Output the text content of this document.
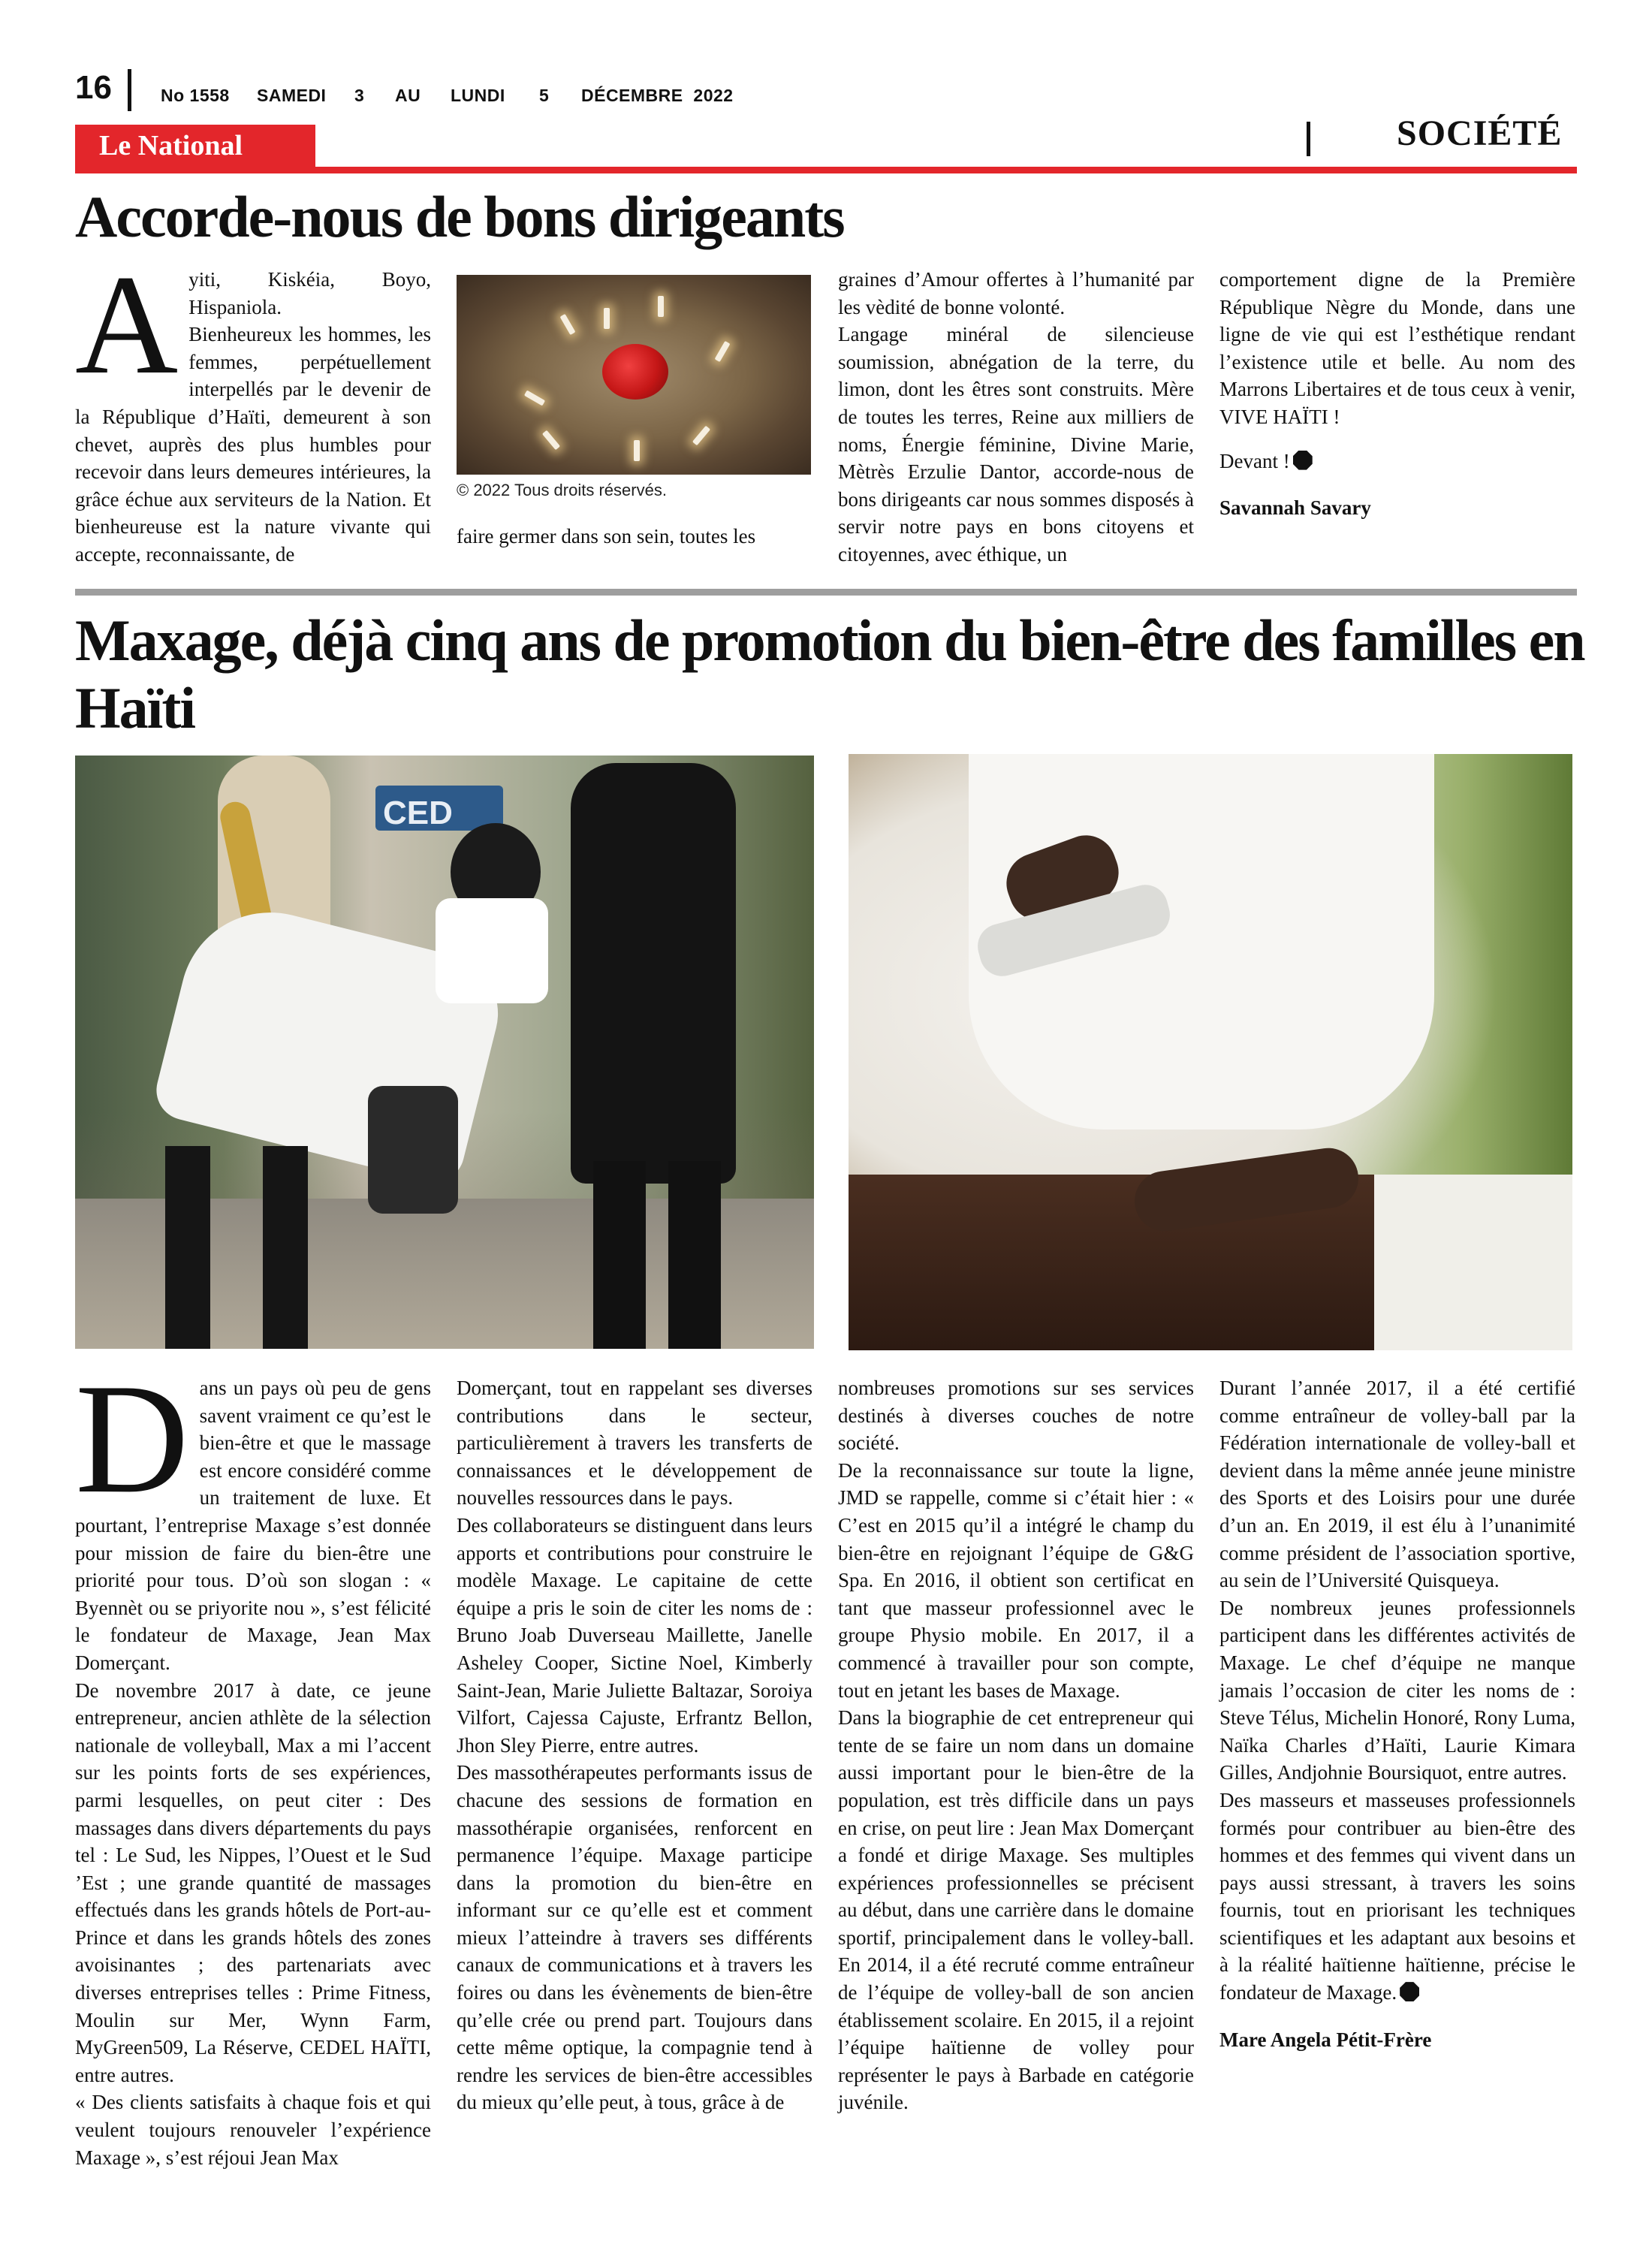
16	No 1558 SAMEDI 3 AU LUNDI 5 DÉCEMBRE  2022
Le National	SOCIÉTÉ
Accorde-nous de bons dirigeants

Ayiti, Kiskéia, Boyo, Hispaniola.

Bienheureux les hommes, les femmes, perpétuellement interpellés par le devenir de la République d’Haïti, demeurent à son chevet, auprès des plus humbles pour recevoir dans leurs demeures intérieures, la grâce échue aux serviteurs de la Nation. Et bienheureuse est la nature vivante qui accepte, reconnaissante, de

© 2022 Tous droits réservés.

faire germer dans son sein, toutes les

graines d’Amour offertes à l’humanité par les vèdité de bonne volonté.

Langage minéral de silencieuse soumission, abnégation de la terre, du limon, dont les êtres sont construits. Mère de toutes les terres, Reine aux milliers de noms, Énergie féminine, Divine Marie, Mètrès Erzulie Dantor, accorde-nous de bons dirigeants car nous sommes disposés à servir notre pays en bons citoyens et citoyennes, avec éthique, un

comportement digne de la Première République Nègre du Monde, dans une ligne de vie qui est l’esthétique rendant l’existence utile et belle. Au nom des Marrons Libertaires et de tous ceux à venir, VIVE HAÏTI !

Devant !

Savannah Savary

Maxage, déjà cinq ans de promotion du bien-être des familles en Haïti
CED

Dans un pays où peu de gens savent vraiment ce qu’est le bien-être et que le massage est encore considéré comme un traitement de luxe. Et pourtant, l’entreprise Maxage s’est donnée pour mission de faire du bien-être une priorité pour tous. D’où son slogan : « Byennèt ou se priyorite nou », s’est félicité le fondateur de Maxage, Jean Max Domerçant.

De novembre 2017 à date, ce jeune entrepreneur, ancien athlète de la sélection nationale de volleyball, Max a mi l’accent sur les points forts de ses expériences, parmi lesquelles, on peut citer : Des massages dans divers départements du pays tel : Le Sud, les Nippes, l’Ouest et le Sud ’Est ; une grande quantité de massages effectués dans les grands hôtels de Port-au-Prince et dans les grands hôtels des zones avoisinantes ; des partenariats avec diverses entreprises telles : Prime Fitness, Moulin sur Mer, Wynn Farm, MyGreen509, La Réserve, CEDEL HAÏTI, entre autres.

« Des clients satisfaits à chaque fois et qui veulent toujours renouveler l’expérience Maxage », s’est réjoui Jean Max

Domerçant, tout en rappelant ses diverses contributions dans le secteur, particulièrement à travers les transferts de connaissances et le développement de nouvelles ressources dans le pays.

Des collaborateurs se distinguent dans leurs apports et contributions pour construire le modèle Maxage. Le capitaine de cette équipe a pris le soin de citer les noms de : Bruno Joab Duverseau Maillette, Janelle Asheley Cooper, Sictine Noel, Kimberly Saint-Jean, Marie Juliette Baltazar, Soroiya Vilfort, Cajessa Cajuste, Erfrantz Bellon, Jhon Sley Pierre, entre autres.

Des massothérapeutes performants issus de chacune des sessions de formation en massothérapie organisées, renforcent en permanence l’équipe. Maxage participe dans la promotion du bien-être en informant sur ce qu’elle est et comment mieux l’atteindre à travers ses différents canaux de communications et à travers les foires ou dans les évènements de bien-être qu’elle crée ou prend part. Toujours dans cette même optique, la compagnie tend à rendre les services de bien-être accessibles du mieux qu’elle peut, à tous, grâce à de

nombreuses promotions sur ses services destinés à diverses couches de notre société.

De la reconnaissance sur toute la ligne, JMD se rappelle, comme si c’était hier : « C’est en 2015 qu’il a intégré le champ du bien-être en rejoignant l’équipe de G&G Spa. En 2016, il obtient son certificat en tant que masseur professionnel avec le groupe Physio mobile. En 2017, il a commencé à travailler pour son compte, tout en jetant les bases de Maxage.

Dans la biographie de cet entrepreneur qui tente de se faire un nom dans un domaine aussi important pour le bien-être de la population, est très difficile dans un pays en crise, on peut lire : Jean Max Domerçant a fondé et dirige Maxage. Ses multiples expériences professionnelles se précisent au début, dans une carrière dans le domaine sportif, principalement dans le volley-ball. En 2014, il a été recruté comme entraîneur de l’équipe de volley-ball de son ancien établissement scolaire. En 2015, il a rejoint l’équipe haïtienne de volley pour représenter le pays à Barbade en catégorie juvénile.

Durant l’année 2017, il a été certifié comme entraîneur de volley-ball par la Fédération internationale de volley-ball et devient dans la même année jeune ministre des Sports et des Loisirs pour une durée d’un an. En 2019, il est élu à l’unanimité comme président de l’association sportive, au sein de l’Université Quisqueya.

De nombreux jeunes professionnels participent dans les différentes activités de Maxage. Le chef d’équipe ne manque jamais l’occasion de citer les noms de : Steve Télus, Michelin Honoré, Rony Luma, Naïka Charles d’Haïti, Laurie Kimara Gilles, Andjohnie Boursiquot, entre autres.

Des masseurs et masseuses professionnels formés pour contribuer au bien-être des hommes et des femmes qui vivent dans un pays aussi stressant, à travers les soins fournis, tout en priorisant les techniques scientifiques et les adaptant aux besoins et à la réalité haïtienne haïtienne, précise le fondateur de Maxage.

Mare Angela Pétit-Frère
